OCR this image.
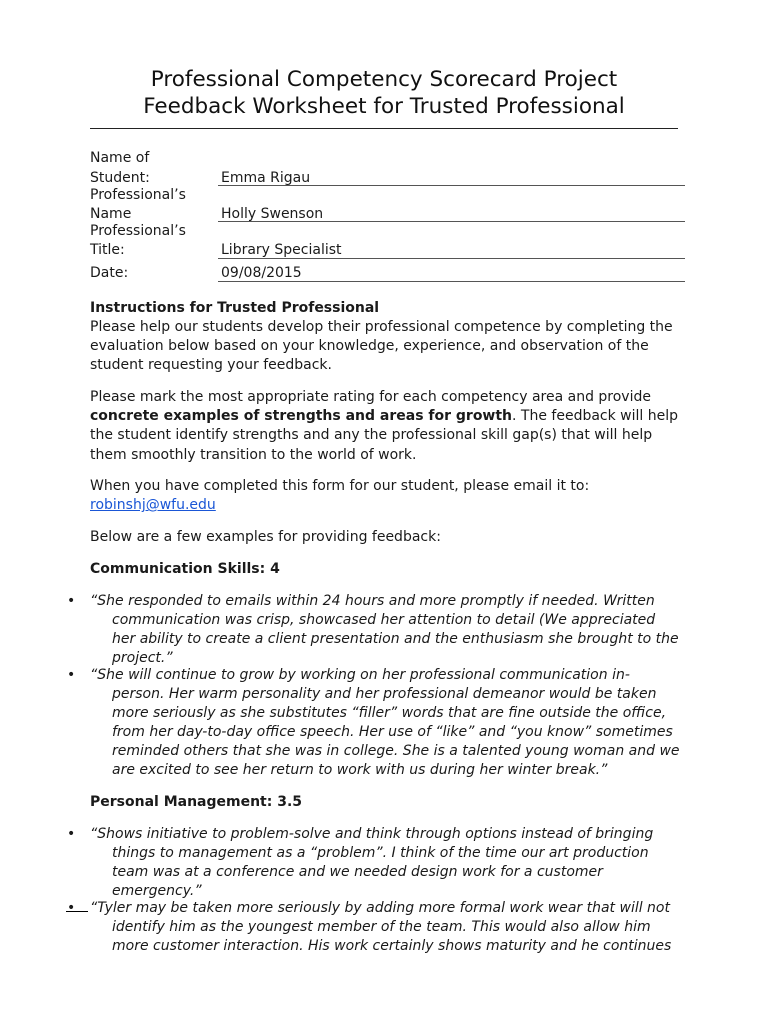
Professional Competency Scorecard Project
Feedback Worksheet for Trusted Professional
Name of
Student:	Emma Rigau
Professional’s
Name	Holly Swenson
Professional’s
Title:	Library Specialist
Date:	09/08/2015

Instructions for Trusted Professional

Please help our students develop their professional competence by completing the evaluation below based on your knowledge, experience, and observation of the student requesting your feedback.

Please mark the most appropriate rating for each competency area and provide concrete examples of strengths and areas for growth. The feedback will help the student identify strengths and any the professional skill gap(s) that will help them smoothly transition to the world of work.

When you have completed this form for our student, please email it to:
robinshj@wfu.edu

Below are a few examples for providing feedback:

Communication Skills: 4

• “She responded to emails within 24 hours and more promptly if needed. Written communication was crisp, showcased her attention to detail (We appreciated her ability to create a client presentation and the enthusiasm she brought to the project.”

• “She will continue to grow by working on her professional communication in-person. Her warm personality and her professional demeanor would be taken more seriously as she substitutes “filler” words that are fine outside the office, from her day-to-day office speech. Her use of “like” and “you know” sometimes reminded others that she was in college. She is a talented young woman and we are excited to see her return to work with us during her winter break.”

Personal Management: 3.5

• “Shows initiative to problem-solve and think through options instead of bringing things to management as a “problem”. I think of the time our art production team was at a conference and we needed design work for a customer emergency.”

• “Tyler may be taken more seriously by adding more formal work wear that will not identify him as the youngest member of the team. This would also allow him more customer interaction. His work certainly shows maturity and he continues
